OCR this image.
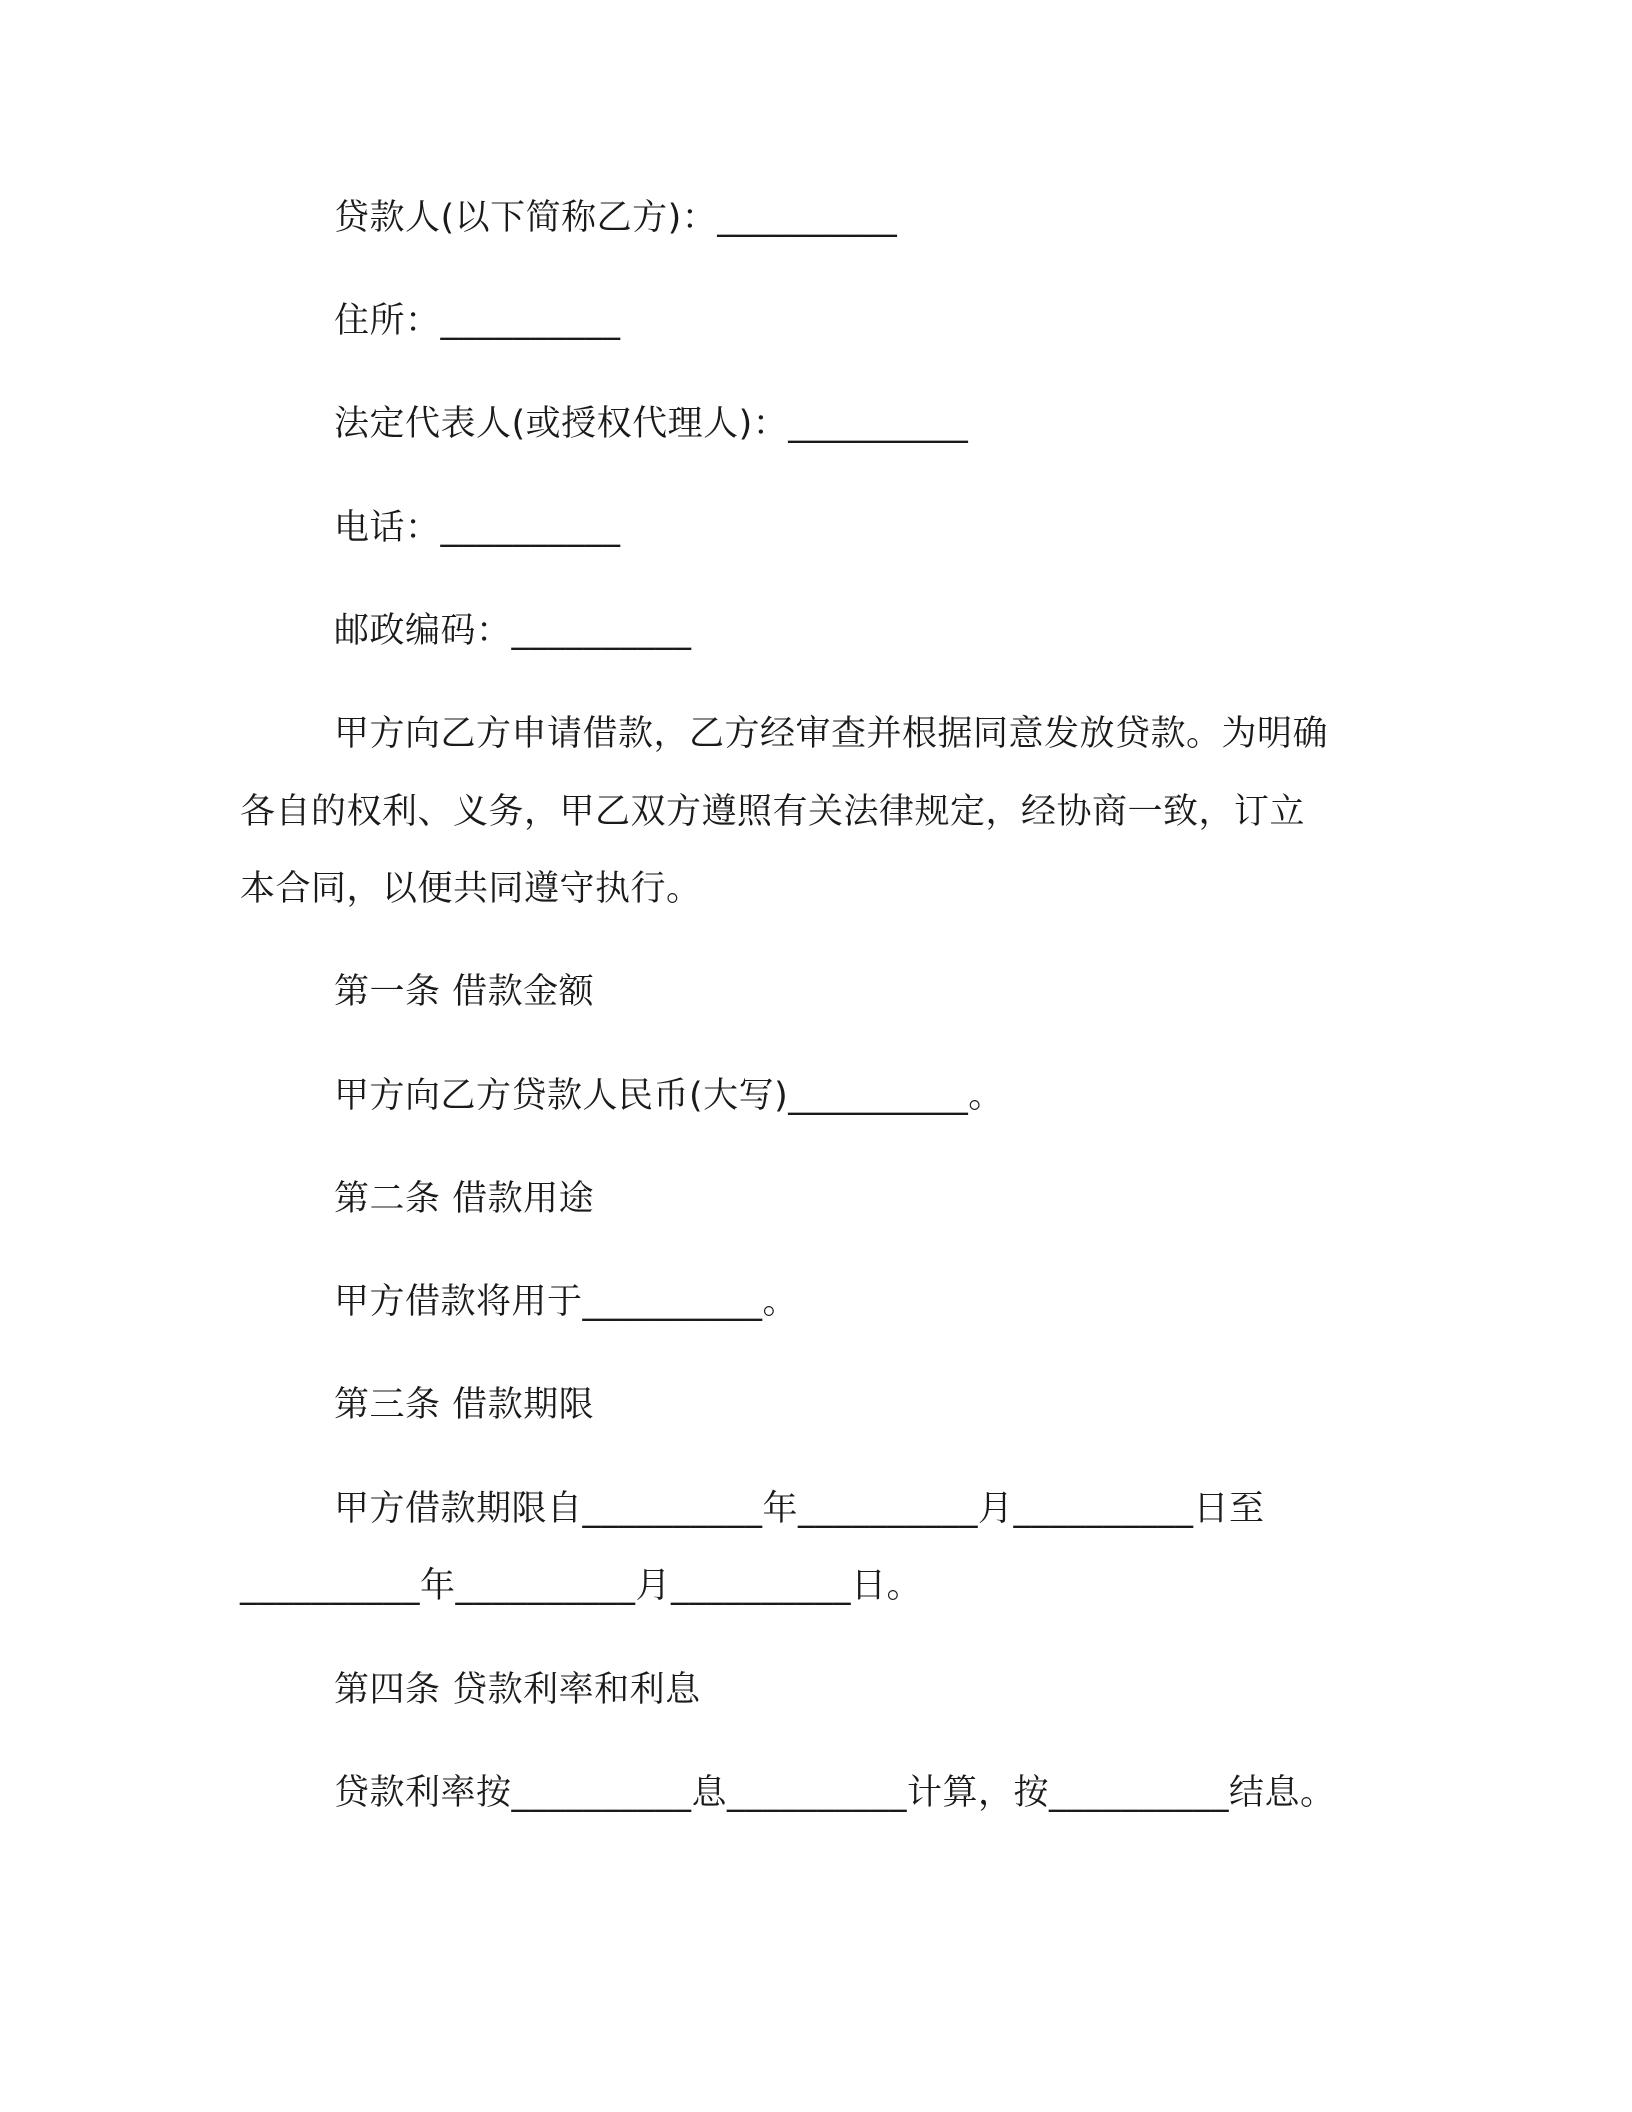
贷款人(以下简称乙方)：__________
住所：__________
法定代表人(或授权代理人)：__________
电话：__________
邮政编码：__________
甲方向乙方申请借款，乙方经审查并根据同意发放贷款。为明确
各自的权利、义务，甲乙双方遵照有关法律规定，经协商一致，订立
本合同，以便共同遵守执行。
第一条 借款金额
甲方向乙方贷款人民币(大写)__________。
第二条 借款用途
甲方借款将用于__________。
第三条 借款期限
甲方借款期限自__________年__________月__________日至
__________年__________月__________日。
第四条 贷款利率和利息
贷款利率按__________息__________计算，按__________结息。
